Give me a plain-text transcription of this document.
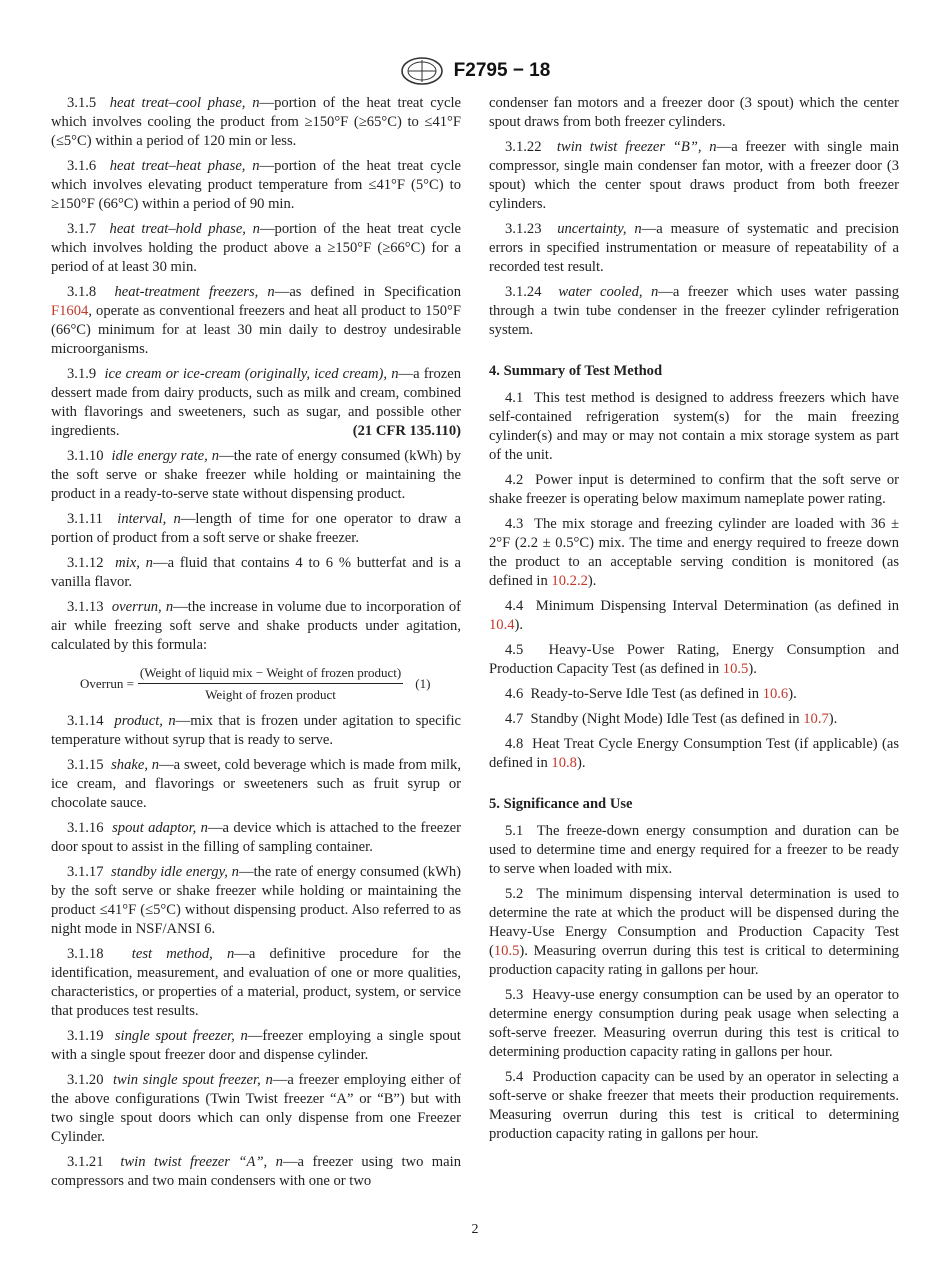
F2795 − 18

3.1.5 heat treat–cool phase, n—portion of the heat treat cycle which involves cooling the product from ≥150°F (≥65°C) to ≤41°F (≤5°C) within a period of 120 min or less.

3.1.6 heat treat–heat phase, n—portion of the heat treat cycle which involves elevating product temperature from ≤41°F (5°C) to ≥150°F (66°C) within a period of 90 min.

3.1.7 heat treat–hold phase, n—portion of the heat treat cycle which involves holding the product above a ≥150°F (≥66°C) for a period of at least 30 min.

3.1.8 heat-treatment freezers, n—as defined in Specification F1604, operate as conventional freezers and heat all product to 150°F (66°C) minimum for at least 30 min daily to destroy undesirable microorganisms.

3.1.9 ice cream or ice-cream (originally, iced cream), n—a frozen dessert made from dairy products, such as milk and cream, combined with flavorings and sweeteners, such as sugar, and possible other ingredients.	(21 CFR 135.110)

3.1.10 idle energy rate, n—the rate of energy consumed (kWh) by the soft serve or shake freezer while holding or maintaining the product in a ready-to-serve state without dispensing product.

3.1.11 interval, n—length of time for one operator to draw a portion of product from a soft serve or shake freezer.

3.1.12 mix, n—a fluid that contains 4 to 6 % butterfat and is a vanilla flavor.

3.1.13 overrun, n—the increase in volume due to incorporation of air while freezing soft serve and shake products under agitation, calculated by this formula:

Overrun = $\frac{\text{(Weight of liquid mix − Weight of frozen product)}}{\text{Weight of frozen product}} (1)$

3.1.14 product, n—mix that is frozen under agitation to specific temperature without syrup that is ready to serve.

3.1.15 shake, n—a sweet, cold beverage which is made from milk, ice cream, and flavorings or sweeteners such as fruit syrup or chocolate sauce.

3.1.16 spout adaptor, n—a device which is attached to the freezer door spout to assist in the filling of sampling container.

3.1.17 standby idle energy, n—the rate of energy consumed (kWh) by the soft serve or shake freezer while holding or maintaining the product ≤41°F (≤5°C) without dispensing product. Also referred to as night mode in NSF/ANSI 6.

3.1.18 test method, n—a definitive procedure for the identification, measurement, and evaluation of one or more qualities, characteristics, or properties of a material, product, system, or service that produces test results.

3.1.19 single spout freezer, n—freezer employing a single spout with a single spout freezer door and dispense cylinder.

3.1.20 twin single spout freezer, n—a freezer employing either of the above configurations (Twin Twist freezer “A” or “B”) but with two single spout doors which can only dispense from one Freezer Cylinder.

3.1.21 twin twist freezer “A”, n—a freezer using two main compressors and two main condensers with one or two

condenser fan motors and a freezer door (3 spout) which the center spout draws from both freezer cylinders.

3.1.22 twin twist freezer “B”, n—a freezer with single main compressor, single main condenser fan motor, with a freezer door (3 spout) which the center spout draws product from both freezer cylinders.

3.1.23 uncertainty, n—a measure of systematic and precision errors in specified instrumentation or measure of repeatability of a recorded test result.

3.1.24 water cooled, n—a freezer which uses water passing through a twin tube condenser in the freezer cylinder refrigeration system.

4. Summary of Test Method

4.1 This test method is designed to address freezers which have self-contained refrigeration system(s) for the main freezing cylinder(s) and may or may not contain a mix storage system as part of the unit.

4.2 Power input is determined to confirm that the soft serve or shake freezer is operating below maximum nameplate power rating.

4.3 The mix storage and freezing cylinder are loaded with 36 ± 2°F (2.2 ± 0.5°C) mix. The time and energy required to freeze down the product to an acceptable serving condition is monitored (as defined in 10.2.2).

4.4 Minimum Dispensing Interval Determination (as defined in 10.4).

4.5 Heavy-Use Power Rating, Energy Consumption and Production Capacity Test (as defined in 10.5).

4.6 Ready-to-Serve Idle Test (as defined in 10.6).

4.7 Standby (Night Mode) Idle Test (as defined in 10.7).

4.8 Heat Treat Cycle Energy Consumption Test (if applicable) (as defined in 10.8).

5. Significance and Use

5.1 The freeze-down energy consumption and duration can be used to determine time and energy required for a freezer to be ready to serve when loaded with mix.

5.2 The minimum dispensing interval determination is used to determine the rate at which the product will be dispensed during the Heavy-Use Energy Consumption and Production Capacity Test (10.5). Measuring overrun during this test is critical to determining production capacity rating in gallons per hour.

5.3 Heavy-use energy consumption can be used by an operator to determine energy consumption during peak usage when selecting a soft-serve freezer. Measuring overrun during this test is critical to determining production capacity rating in gallons per hour.

5.4 Production capacity can be used by an operator in selecting a soft-serve or shake freezer that meets their production requirements. Measuring overrun during this test is critical to determining production capacity rating in gallons per hour.

2
